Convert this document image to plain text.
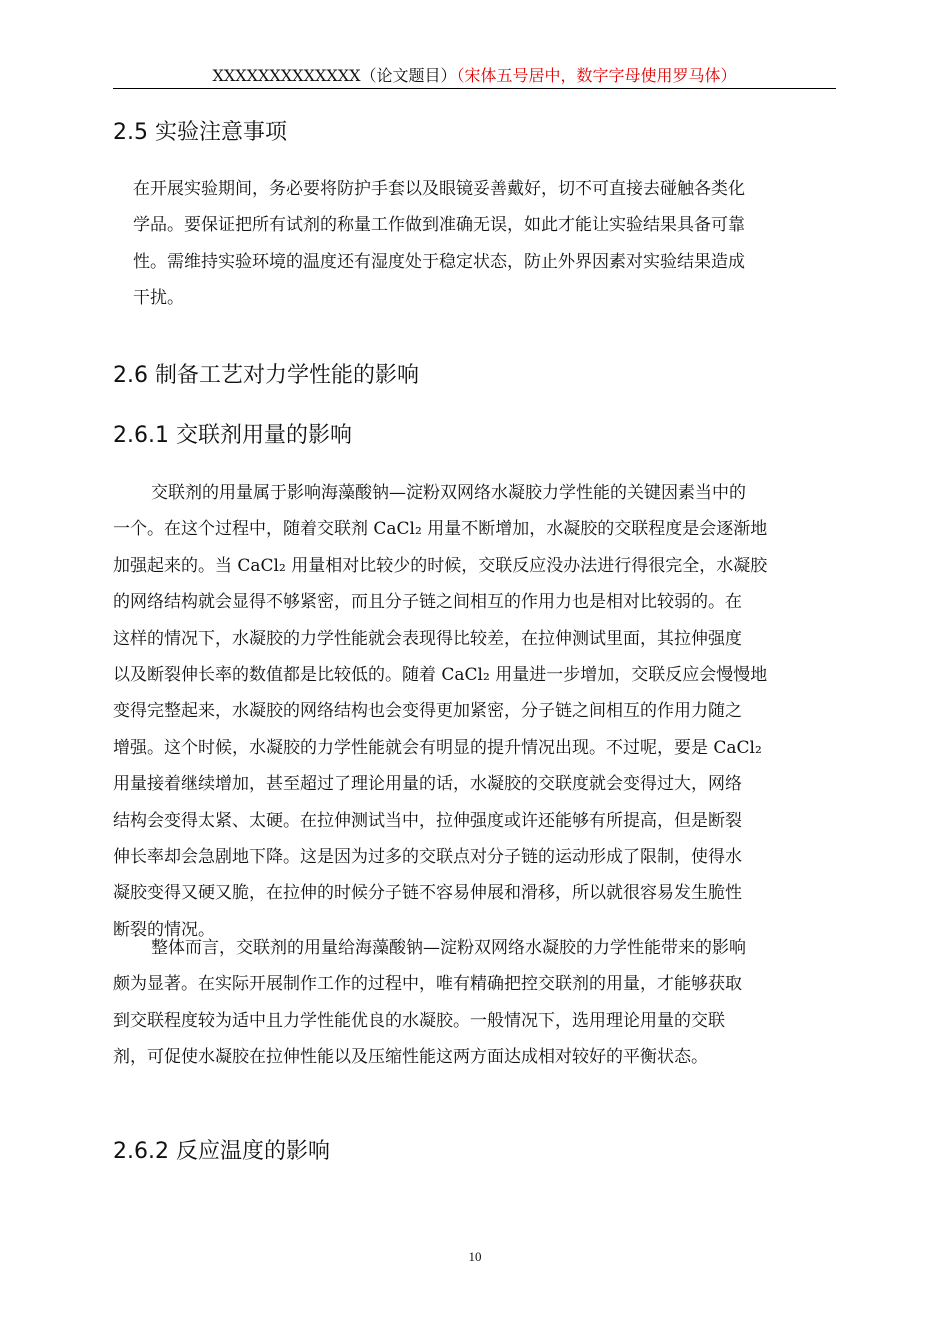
XXXXXXXXXXXXX（论文题目）（宋体五号居中，数字字母使用罗马体）
2.5 实验注意事项
在开展实验期间，务必要将防护手套以及眼镜妥善戴好，切不可直接去碰触各类化
学品。要保证把所有试剂的称量工作做到准确无误，如此才能让实验结果具备可靠
性。需维持实验环境的温度还有湿度处于稳定状态，防止外界因素对实验结果造成
干扰。
2.6 制备工艺对力学性能的影响
2.6.1 交联剂用量的影响
交联剂的用量属于影响海藻酸钠—淀粉双网络水凝胶力学性能的关键因素当中的
一个。在这个过程中，随着交联剂 CaCl₂ 用量不断增加，水凝胶的交联程度是会逐渐地
加强起来的。当 CaCl₂ 用量相对比较少的时候，交联反应没办法进行得很完全，水凝胶
的网络结构就会显得不够紧密，而且分子链之间相互的作用力也是相对比较弱的。在
这样的情况下，水凝胶的力学性能就会表现得比较差，在拉伸测试里面，其拉伸强度
以及断裂伸长率的数值都是比较低的。随着 CaCl₂ 用量进一步增加，交联反应会慢慢地
变得完整起来，水凝胶的网络结构也会变得更加紧密，分子链之间相互的作用力随之
增强。这个时候，水凝胶的力学性能就会有明显的提升情况出现。不过呢，要是 CaCl₂
用量接着继续增加，甚至超过了理论用量的话，水凝胶的交联度就会变得过大，网络
结构会变得太紧、太硬。在拉伸测试当中，拉伸强度或许还能够有所提高，但是断裂
伸长率却会急剧地下降。这是因为过多的交联点对分子链的运动形成了限制，使得水
凝胶变得又硬又脆，在拉伸的时候分子链不容易伸展和滑移，所以就很容易发生脆性
断裂的情况。
整体而言，交联剂的用量给海藻酸钠—淀粉双网络水凝胶的力学性能带来的影响
颇为显著。在实际开展制作工作的过程中，唯有精确把控交联剂的用量，才能够获取
到交联程度较为适中且力学性能优良的水凝胶。一般情况下，选用理论用量的交联
剂，可促使水凝胶在拉伸性能以及压缩性能这两方面达成相对较好的平衡状态。
2.6.2 反应温度的影响
10
